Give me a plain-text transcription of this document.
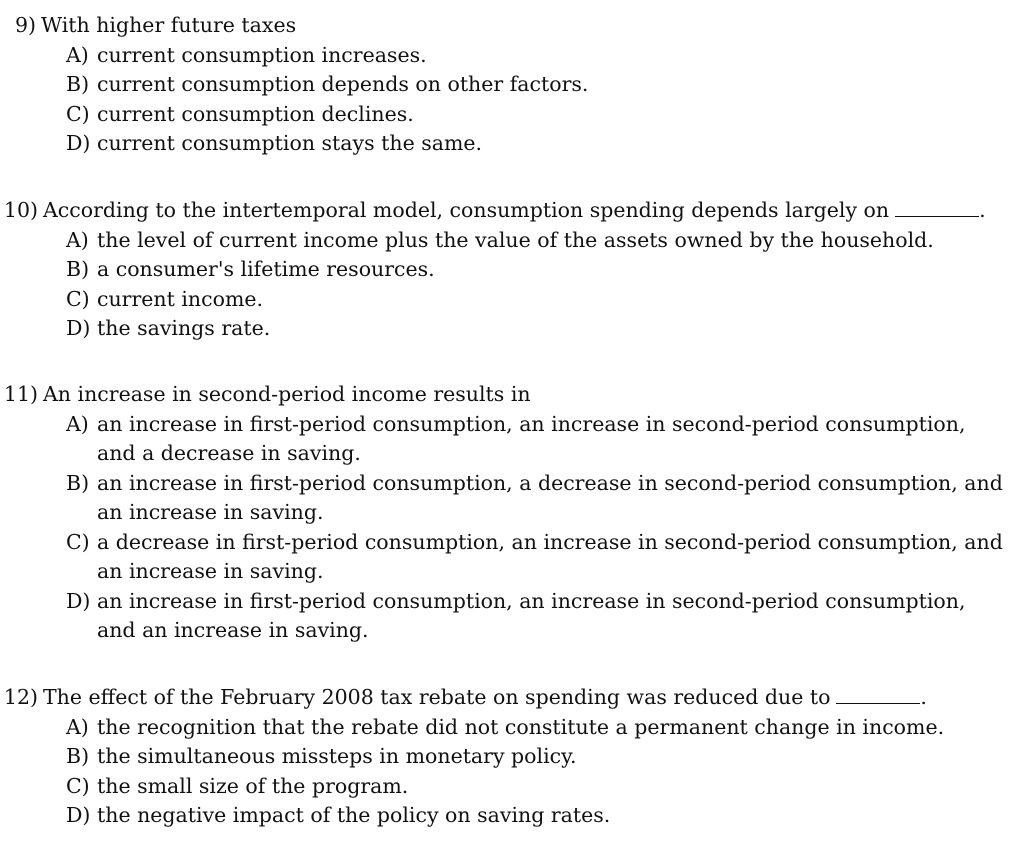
9) With higher future taxes
A) current consumption increases.
B) current consumption depends on other factors.
C) current consumption declines.
D) current consumption stays the same.
10) According to the intertemporal model, consumption spending depends largely on	.
A) the level of current income plus the value of the assets owned by the household.
B) a consumer's lifetime resources.
C) current income.
D) the savings rate.
11) An increase in second-period income results in
A) an increase in first-period consumption, an increase in second-period consumption, and a decrease in saving.
B) an increase in first-period consumption, a decrease in second-period consumption, and an increase in saving.
C) a decrease in first-period consumption, an increase in second-period consumption, and an increase in saving.
D) an increase in first-period consumption, an increase in second-period consumption, and an increase in saving.
12) The effect of the February 2008 tax rebate on spending was reduced due to	.
A) the recognition that the rebate did not constitute a permanent change in income.
B) the simultaneous missteps in monetary policy.
C) the small size of the program.
D) the negative impact of the policy on saving rates.
